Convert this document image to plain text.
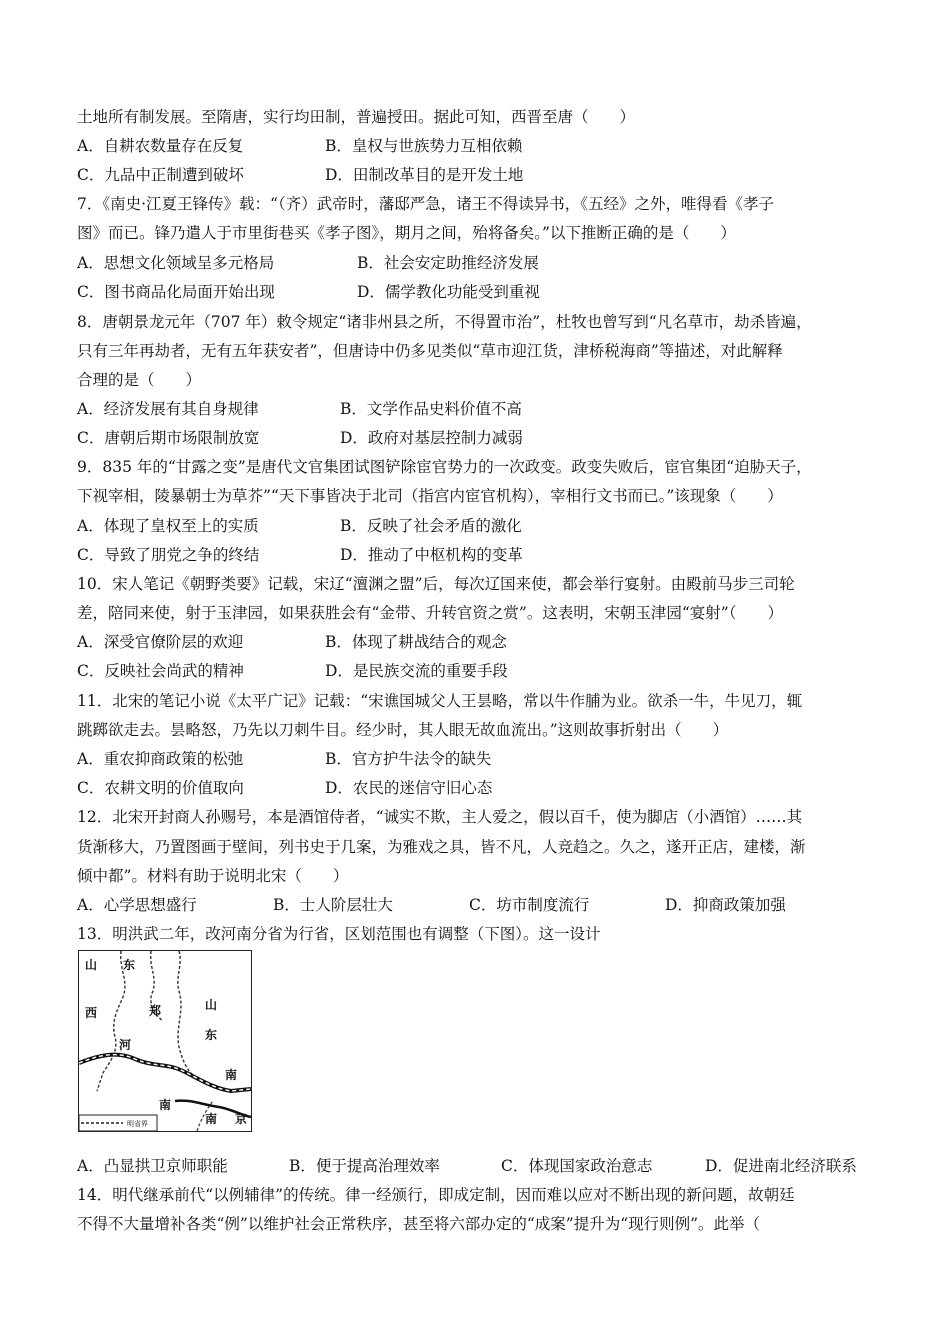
土地所有制发展。至隋唐，实行均田制，普遍授田。据此可知，西晋至唐（　　）
A．自耕农数量存在反复	B．皇权与世族势力互相依赖
C．九品中正制遭到破坏	D．田制改革目的是开发土地
7．《南史·江夏王锋传》载：“（齐）武帝时，藩邸严急，诸王不得读异书，《五经》之外，唯得看《孝子
图》而已。锋乃遣人于市里街巷买《孝子图》，期月之间，殆将备矣。”以下推断正确的是（　　）
A．思想文化领域呈多元格局	B．社会安定助推经济发展
C．图书商品化局面开始出现	D．儒学教化功能受到重视
8．唐朝景龙元年（707 年）敕令规定“诸非州县之所，不得置市治”，杜牧也曾写到“凡名草市，劫杀皆遍，
只有三年再劫者，无有五年获安者”，但唐诗中仍多见类似“草市迎江货，津桥税海商”等描述，对此解释
合理的是（　　）
A．经济发展有其自身规律	B．文学作品史料价值不高
C．唐朝后期市场限制放宽	D．政府对基层控制力减弱
9．835 年的“甘露之变”是唐代文官集团试图铲除宦官势力的一次政变。政变失败后，宦官集团“迫胁天子，
下视宰相，陵暴朝士为草芥”“天下事皆决于北司（指宫内宦官机构），宰相行文书而已。”该现象（　　）
A．体现了皇权至上的实质	B．反映了社会矛盾的激化
C．导致了朋党之争的终结	D．推动了中枢机构的变革
10．宋人笔记《朝野类要》记载，宋辽“澶渊之盟”后，每次辽国来使，都会举行宴射。由殿前马步三司轮
差，陪同来使，射于玉津园，如果获胜会有“金带、升转官资之赏”。这表明，宋朝玉津园“宴射”（　　）
A．深受官僚阶层的欢迎	B．体现了耕战结合的观念
C．反映社会尚武的精神	D．是民族交流的重要手段
11．北宋的笔记小说《太平广记》记载：“宋谯国城父人王昙略，常以牛作脯为业。欲杀一牛，牛见刀，辄
跳踯欲走去。昙略怒，乃先以刀刺牛目。经少时，其人眼无故血流出。”这则故事折射出（　　）
A．重农抑商政策的松弛	B．官方护牛法令的缺失
C．农耕文明的价值取向	D．农民的迷信守旧心态
12．北宋开封商人孙赐号，本是酒馆侍者，“诚实不欺，主人爱之，假以百千，使为脚店（小酒馆）……其
货渐移大，乃置图画于壁间，列书史于几案，为雅戏之具，皆不凡，人竞趋之。久之，遂开正店，建楼，渐
倾中都”。材料有助于说明北宋（　　）
A．心学思想盛行	B．士人阶层壮大	C．坊市制度流行	D．抑商政策加强
13．明洪武二年，改河南分省为行省，区划范围也有调整（下图）。这一设计
山 东
山
西	郑
东
河
南
南
南 京
明省界
A．凸显拱卫京师职能	B．便于提高治理效率	C．体现国家政治意志	D．促进南北经济联系
14．明代继承前代“以例辅律”的传统。律一经颁行，即成定制，因而难以应对不断出现的新问题，故朝廷
不得不大量增补各类“例”以维护社会正常秩序，甚至将六部办定的“成案”提升为“现行则例”。此举（
